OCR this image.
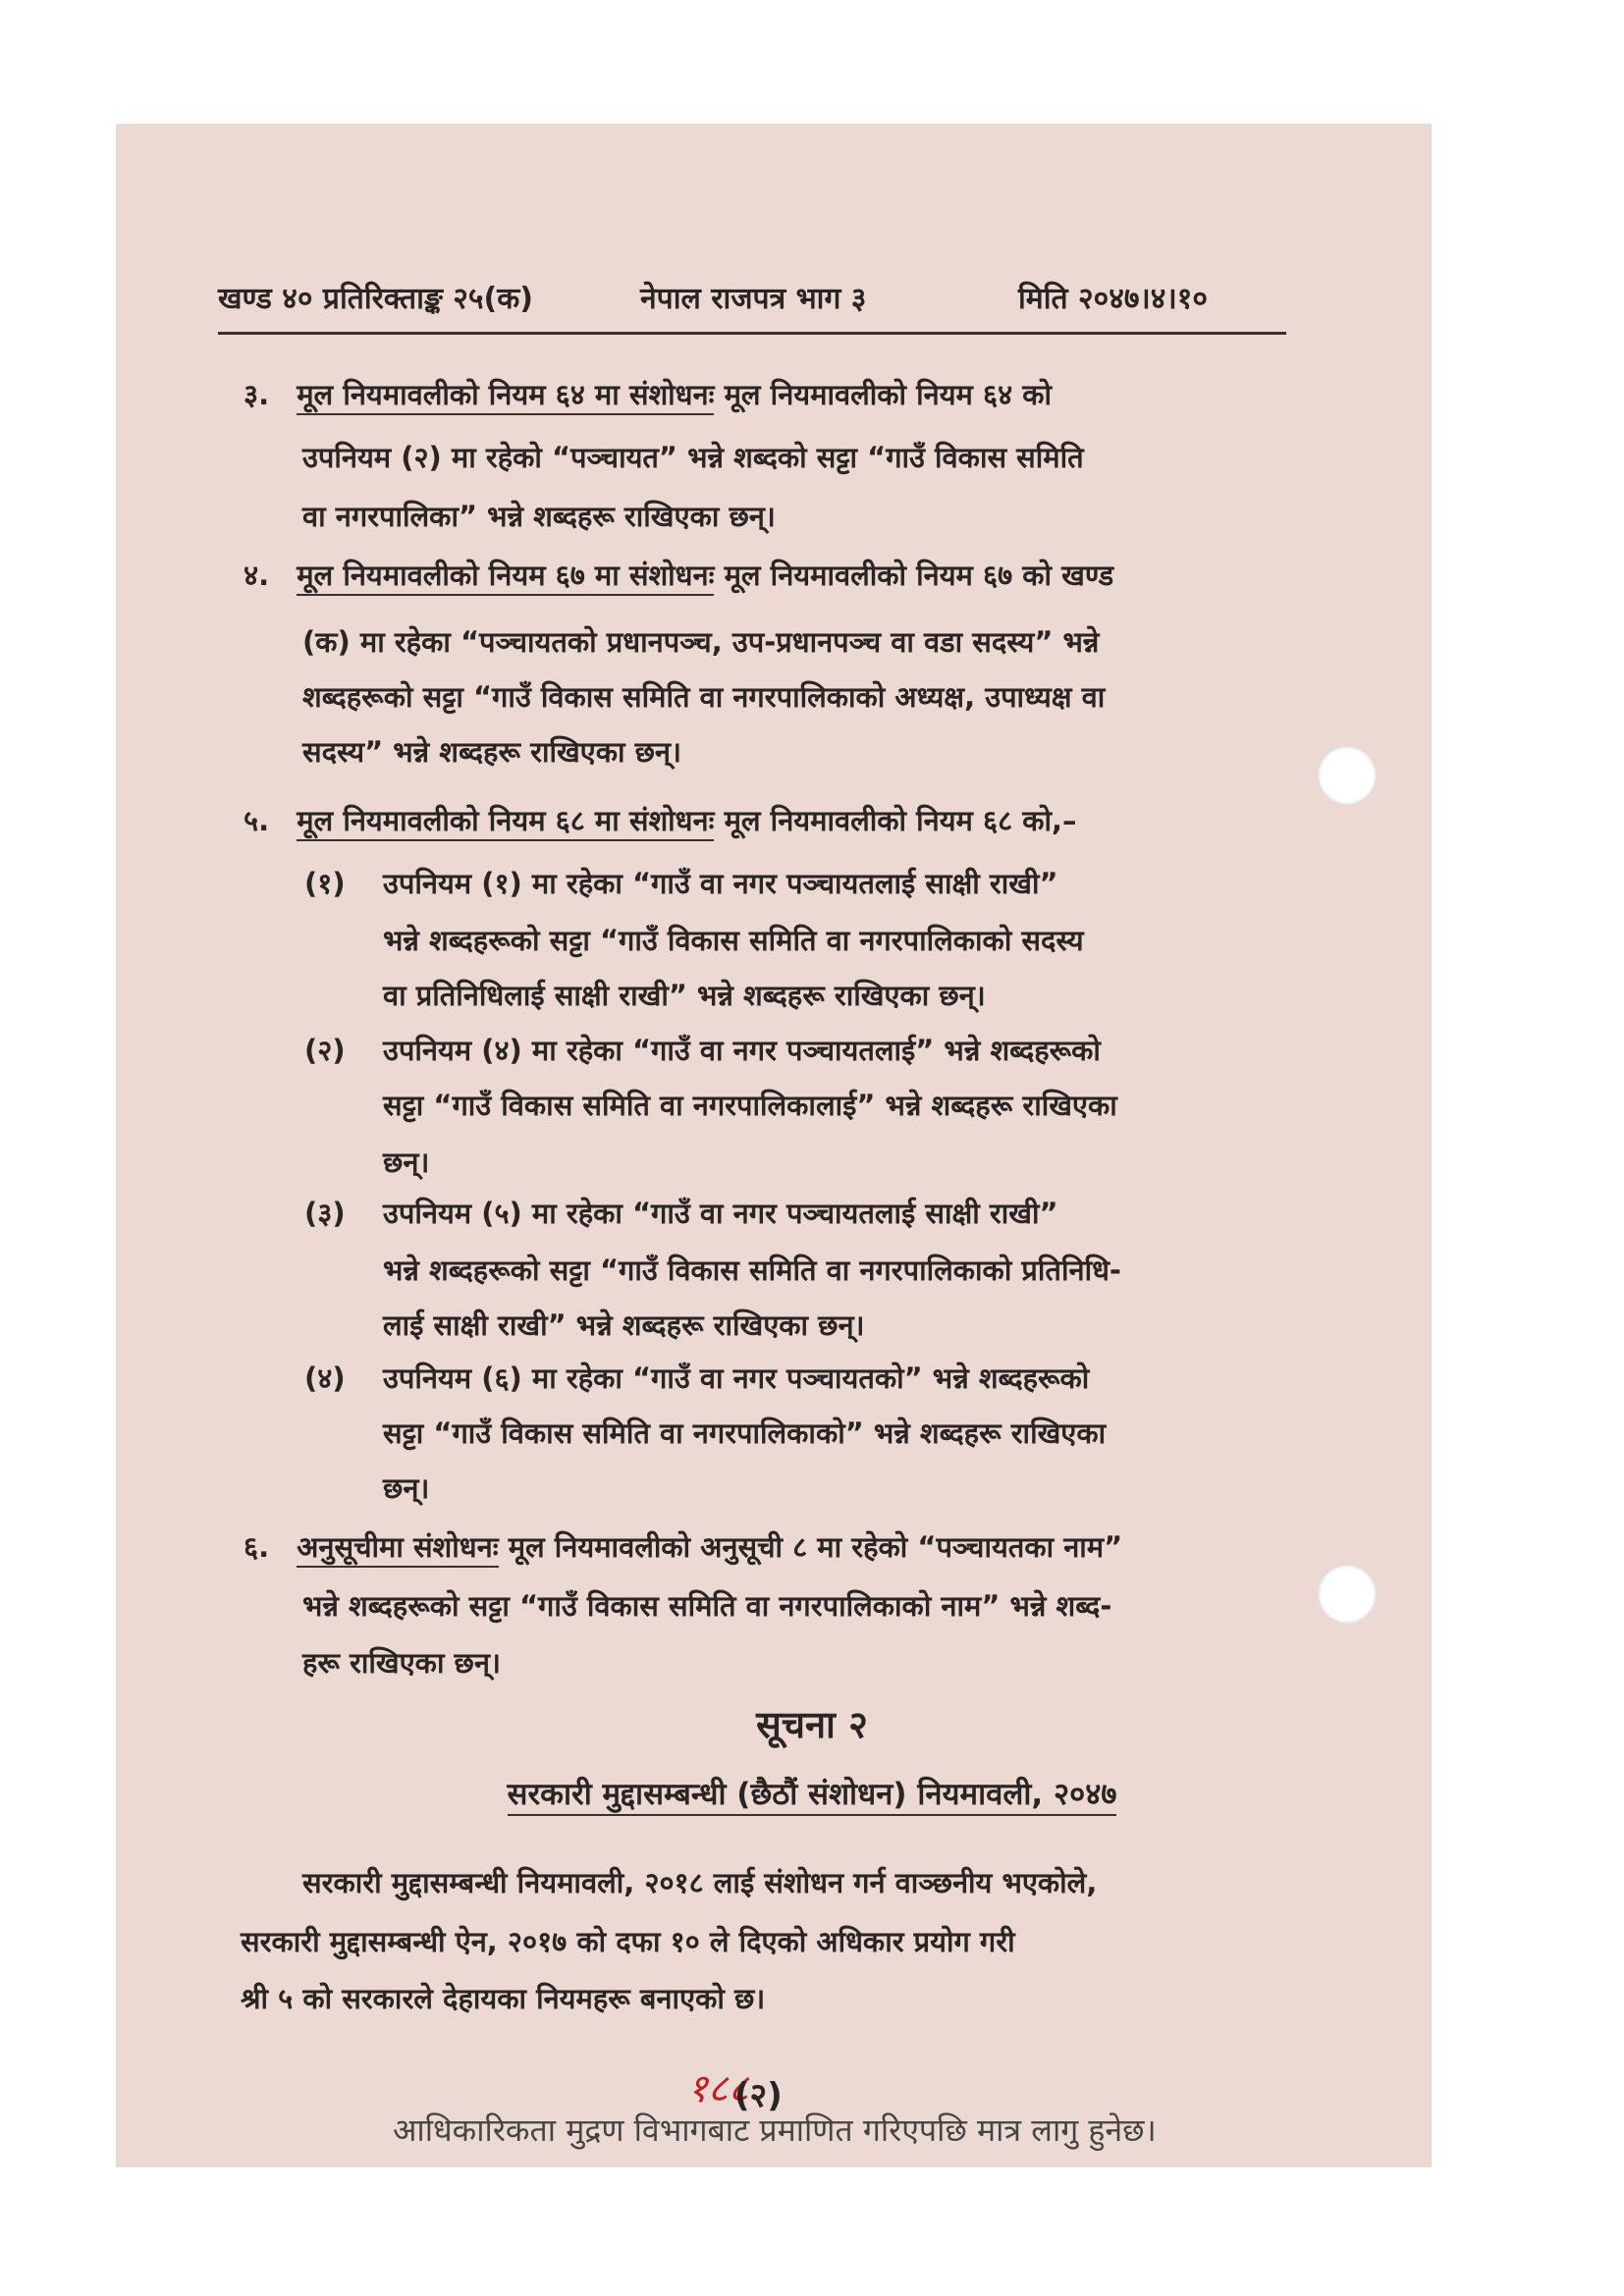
खण्ड ४० प्रतिरिक्ताङ्क २५(क)	नेपाल राजपत्र भाग ३	मिति २०४७।४।१०
३. मूल नियमावलीको नियम ६४ मा संशोधनः मूल नियमावलीको नियम ६४ को
उपनियम (२) मा रहेको “पञ्चायत” भन्ने शब्दको सट्टा “गाउँ विकास समिति
वा नगरपालिका” भन्ने शब्दहरू राखिएका छन्।
४. मूल नियमावलीको नियम ६७ मा संशोधनः मूल नियमावलीको नियम ६७ को खण्ड
(क) मा रहेका “पञ्चायतको प्रधानपञ्च, उप-प्रधानपञ्च वा वडा सदस्य” भन्ने
शब्दहरूको सट्टा “गाउँ विकास समिति वा नगरपालिकाको अध्यक्ष, उपाध्यक्ष वा
सदस्य” भन्ने शब्दहरू राखिएका छन्।
५. मूल नियमावलीको नियम ६८ मा संशोधनः मूल नियमावलीको नियम ६८ को,–
(१) उपनियम (१) मा रहेका “गाउँ वा नगर पञ्चायतलाई साक्षी राखी”
भन्ने शब्दहरूको सट्टा “गाउँ विकास समिति वा नगरपालिकाको सदस्य
वा प्रतिनिधिलाई साक्षी राखी” भन्ने शब्दहरू राखिएका छन्।
(२) उपनियम (४) मा रहेका “गाउँ वा नगर पञ्चायतलाई” भन्ने शब्दहरूको
सट्टा “गाउँ विकास समिति वा नगरपालिकालाई” भन्ने शब्दहरू राखिएका
छन्।
(३) उपनियम (५) मा रहेका “गाउँ वा नगर पञ्चायतलाई साक्षी राखी”
भन्ने शब्दहरूको सट्टा “गाउँ विकास समिति वा नगरपालिकाको प्रतिनिधि-
लाई साक्षी राखी” भन्ने शब्दहरू राखिएका छन्।
(४) उपनियम (६) मा रहेका “गाउँ वा नगर पञ्चायतको” भन्ने शब्दहरूको
सट्टा “गाउँ विकास समिति वा नगरपालिकाको” भन्ने शब्दहरू राखिएका
छन्।
६. अनुसूचीमा संशोधनः मूल नियमावलीको अनुसूची ८ मा रहेको “पञ्चायतका नाम”
भन्ने शब्दहरूको सट्टा “गाउँ विकास समिति वा नगरपालिकाको नाम” भन्ने शब्द-
हरू राखिएका छन्।
सूचना २
सरकारी मुद्दासम्बन्धी (छैठौं संशोधन) नियमावली, २०४७
सरकारी मुद्दासम्बन्धी नियमावली, २०१८ लाई संशोधन गर्न वाञ्छनीय भएकोले,
सरकारी मुद्दासम्बन्धी ऐन, २०१७ को दफा १० ले दिएको अधिकार प्रयोग गरी
श्री ५ को सरकारले देहायका नियमहरू बनाएको छ।
१८८
(२)
आधिकारिकता मुद्रण विभागबाट प्रमाणित गरिएपछि मात्र लागु हुनेछ।
